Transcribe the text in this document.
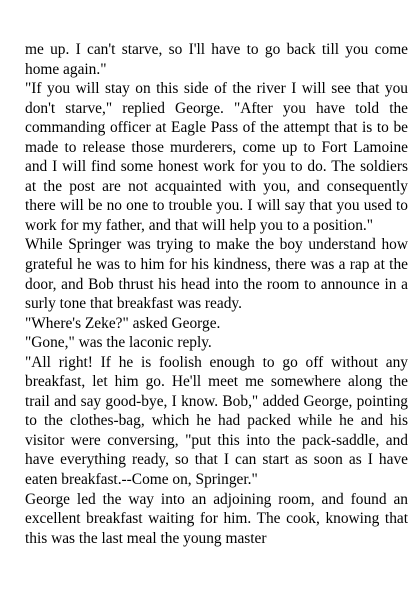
me up. I can't starve, so I'll have to go back till you come home again."

"If you will stay on this side of the river I will see that you don't starve," replied George. "After you have told the commanding officer at Eagle Pass of the attempt that is to be made to release those murderers, come up to Fort Lamoine and I will find some honest work for you to do. The soldiers at the post are not acquainted with you, and consequently there will be no one to trouble you. I will say that you used to work for my father, and that will help you to a position."

While Springer was trying to make the boy understand how grateful he was to him for his kindness, there was a rap at the door, and Bob thrust his head into the room to announce in a surly tone that breakfast was ready.

"Where's Zeke?" asked George.

"Gone," was the laconic reply.

"All right! If he is foolish enough to go off without any breakfast, let him go. He'll meet me somewhere along the trail and say good-bye, I know. Bob," added George, pointing to the clothes-bag, which he had packed while he and his visitor were conversing, "put this into the pack-saddle, and have everything ready, so that I can start as soon as I have eaten breakfast.--Come on, Springer."

George led the way into an adjoining room, and found an excellent breakfast waiting for him. The cook, knowing that this was the last meal the young master
